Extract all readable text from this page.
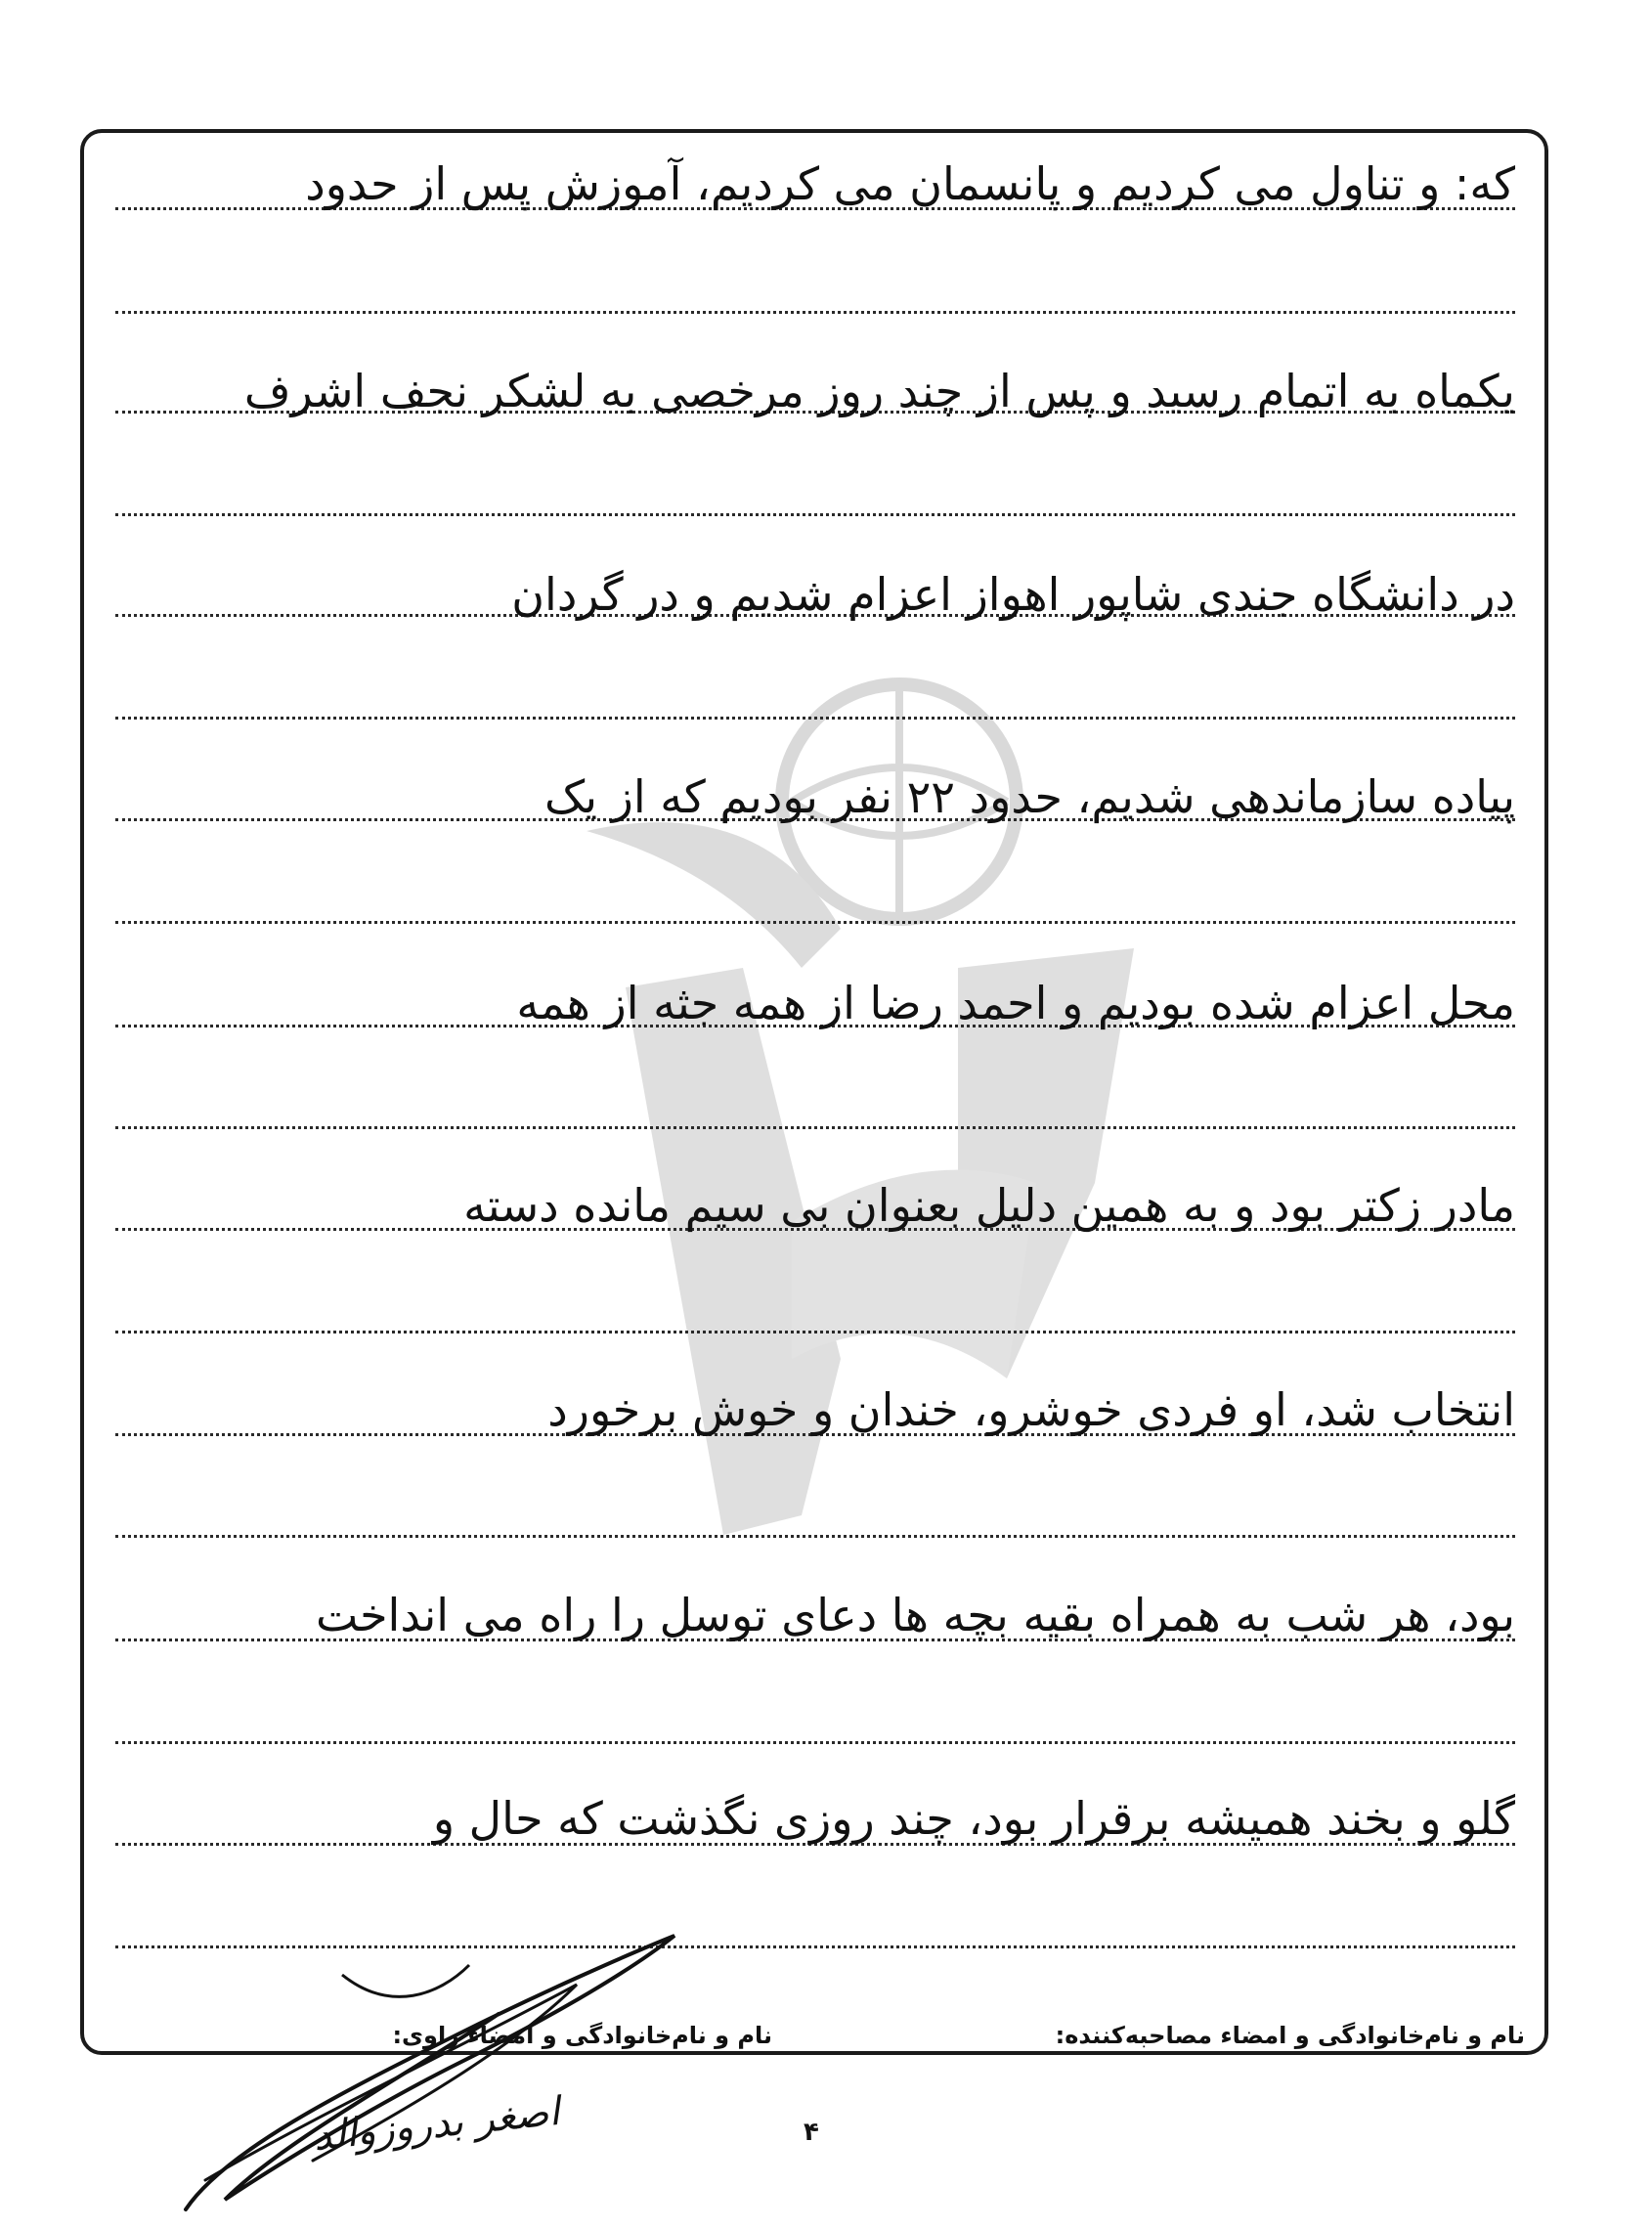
که: و تناول می کردیم و پانسمان می کردیم، آموزش پس از حدود
یکماه به اتمام رسید و پس از چند روز مرخصی به لشکر نجف اشرف
در دانشگاه جندی شاپور اهواز اعزام شدیم و در گردان
پیاده سازماندهی شدیم، حدود ۲۲ نفر بودیم که از یک
محل اعزام شده بودیم و احمد رضا از همه جثه از همه
مادر زکتر بود و به همین دلیل بعنوان بی سیم مانده دسته
انتخاب شد، او فردی خوشرو، خندان و خوش برخورد
بود، هر شب به همراه بقیه بچه ها دعای توسل را راه می انداخت
گلو و بخند همیشه برقرار بود، چند روزی نگذشت که حال و
نام و نام‌خانوادگی و امضاء مصاحبه‌کننده:
نام و نام‌خانوادگی و امضاء راوی:
اصغر بدروزوالد	۴
